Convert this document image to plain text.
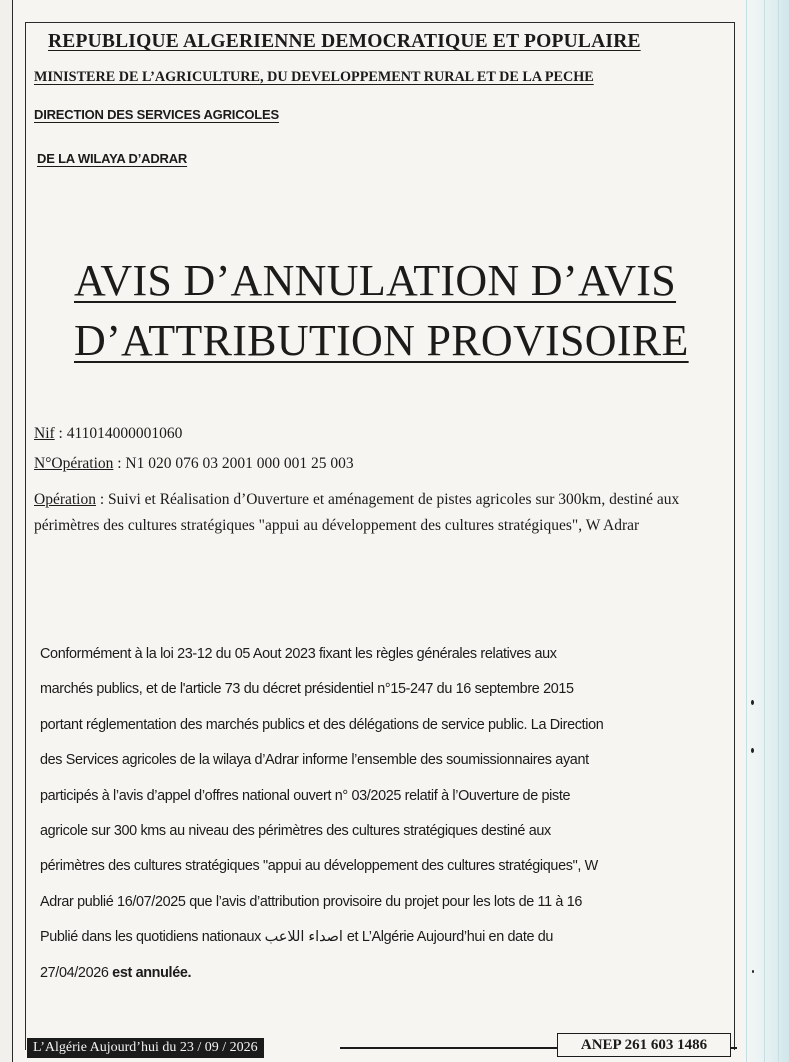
REPUBLIQUE ALGERIENNE DEMOCRATIQUE ET POPULAIRE
MINISTERE DE L’AGRICULTURE, DU DEVELOPPEMENT RURAL ET DE LA PECHE
DIRECTION DES SERVICES AGRICOLES
DE LA WILAYA D’ADRAR
AVIS D’ANNULATION D’AVIS
D’ATTRIBUTION PROVISOIRE
Nif : 411014000001060
N°Opération : N1 020 076 03 2001 000 001 25 003
Opération : Suivi et Réalisation d’Ouverture et aménagement de pistes agricoles sur 300km, destiné aux périmètres des cultures stratégiques "appui au développement des cultures stratégiques", W Adrar

Conformément à la loi 23-12 du 05 Aout 2023 fixant les règles générales relatives aux
marchés publics, et de l'article 73 du décret présidentiel n°15-247 du 16 septembre 2015
portant réglementation des marchés publics et des délégations de service public. La Direction
des Services agricoles de la wilaya d’Adrar informe l’ensemble des soumissionnaires ayant
participés à l’avis d’appel d’offres national ouvert n° 03/2025 relatif à l’Ouverture de piste
agricole sur 300 kms au niveau des périmètres des cultures stratégiques destiné aux
périmètres des cultures stratégiques "appui au développement des cultures stratégiques", W
Adrar publié 16/07/2025 que l’avis d’attribution provisoire du projet pour les lots de 11 à 16
Publié dans les quotidiens nationaux اصداء اللاعب et L’Algérie Aujourd’hui en date du
27/04/2026 est annulée.

L’Algérie Aujourd’hui du 23 / 09 / 2026	ANEP 261 603 1486
